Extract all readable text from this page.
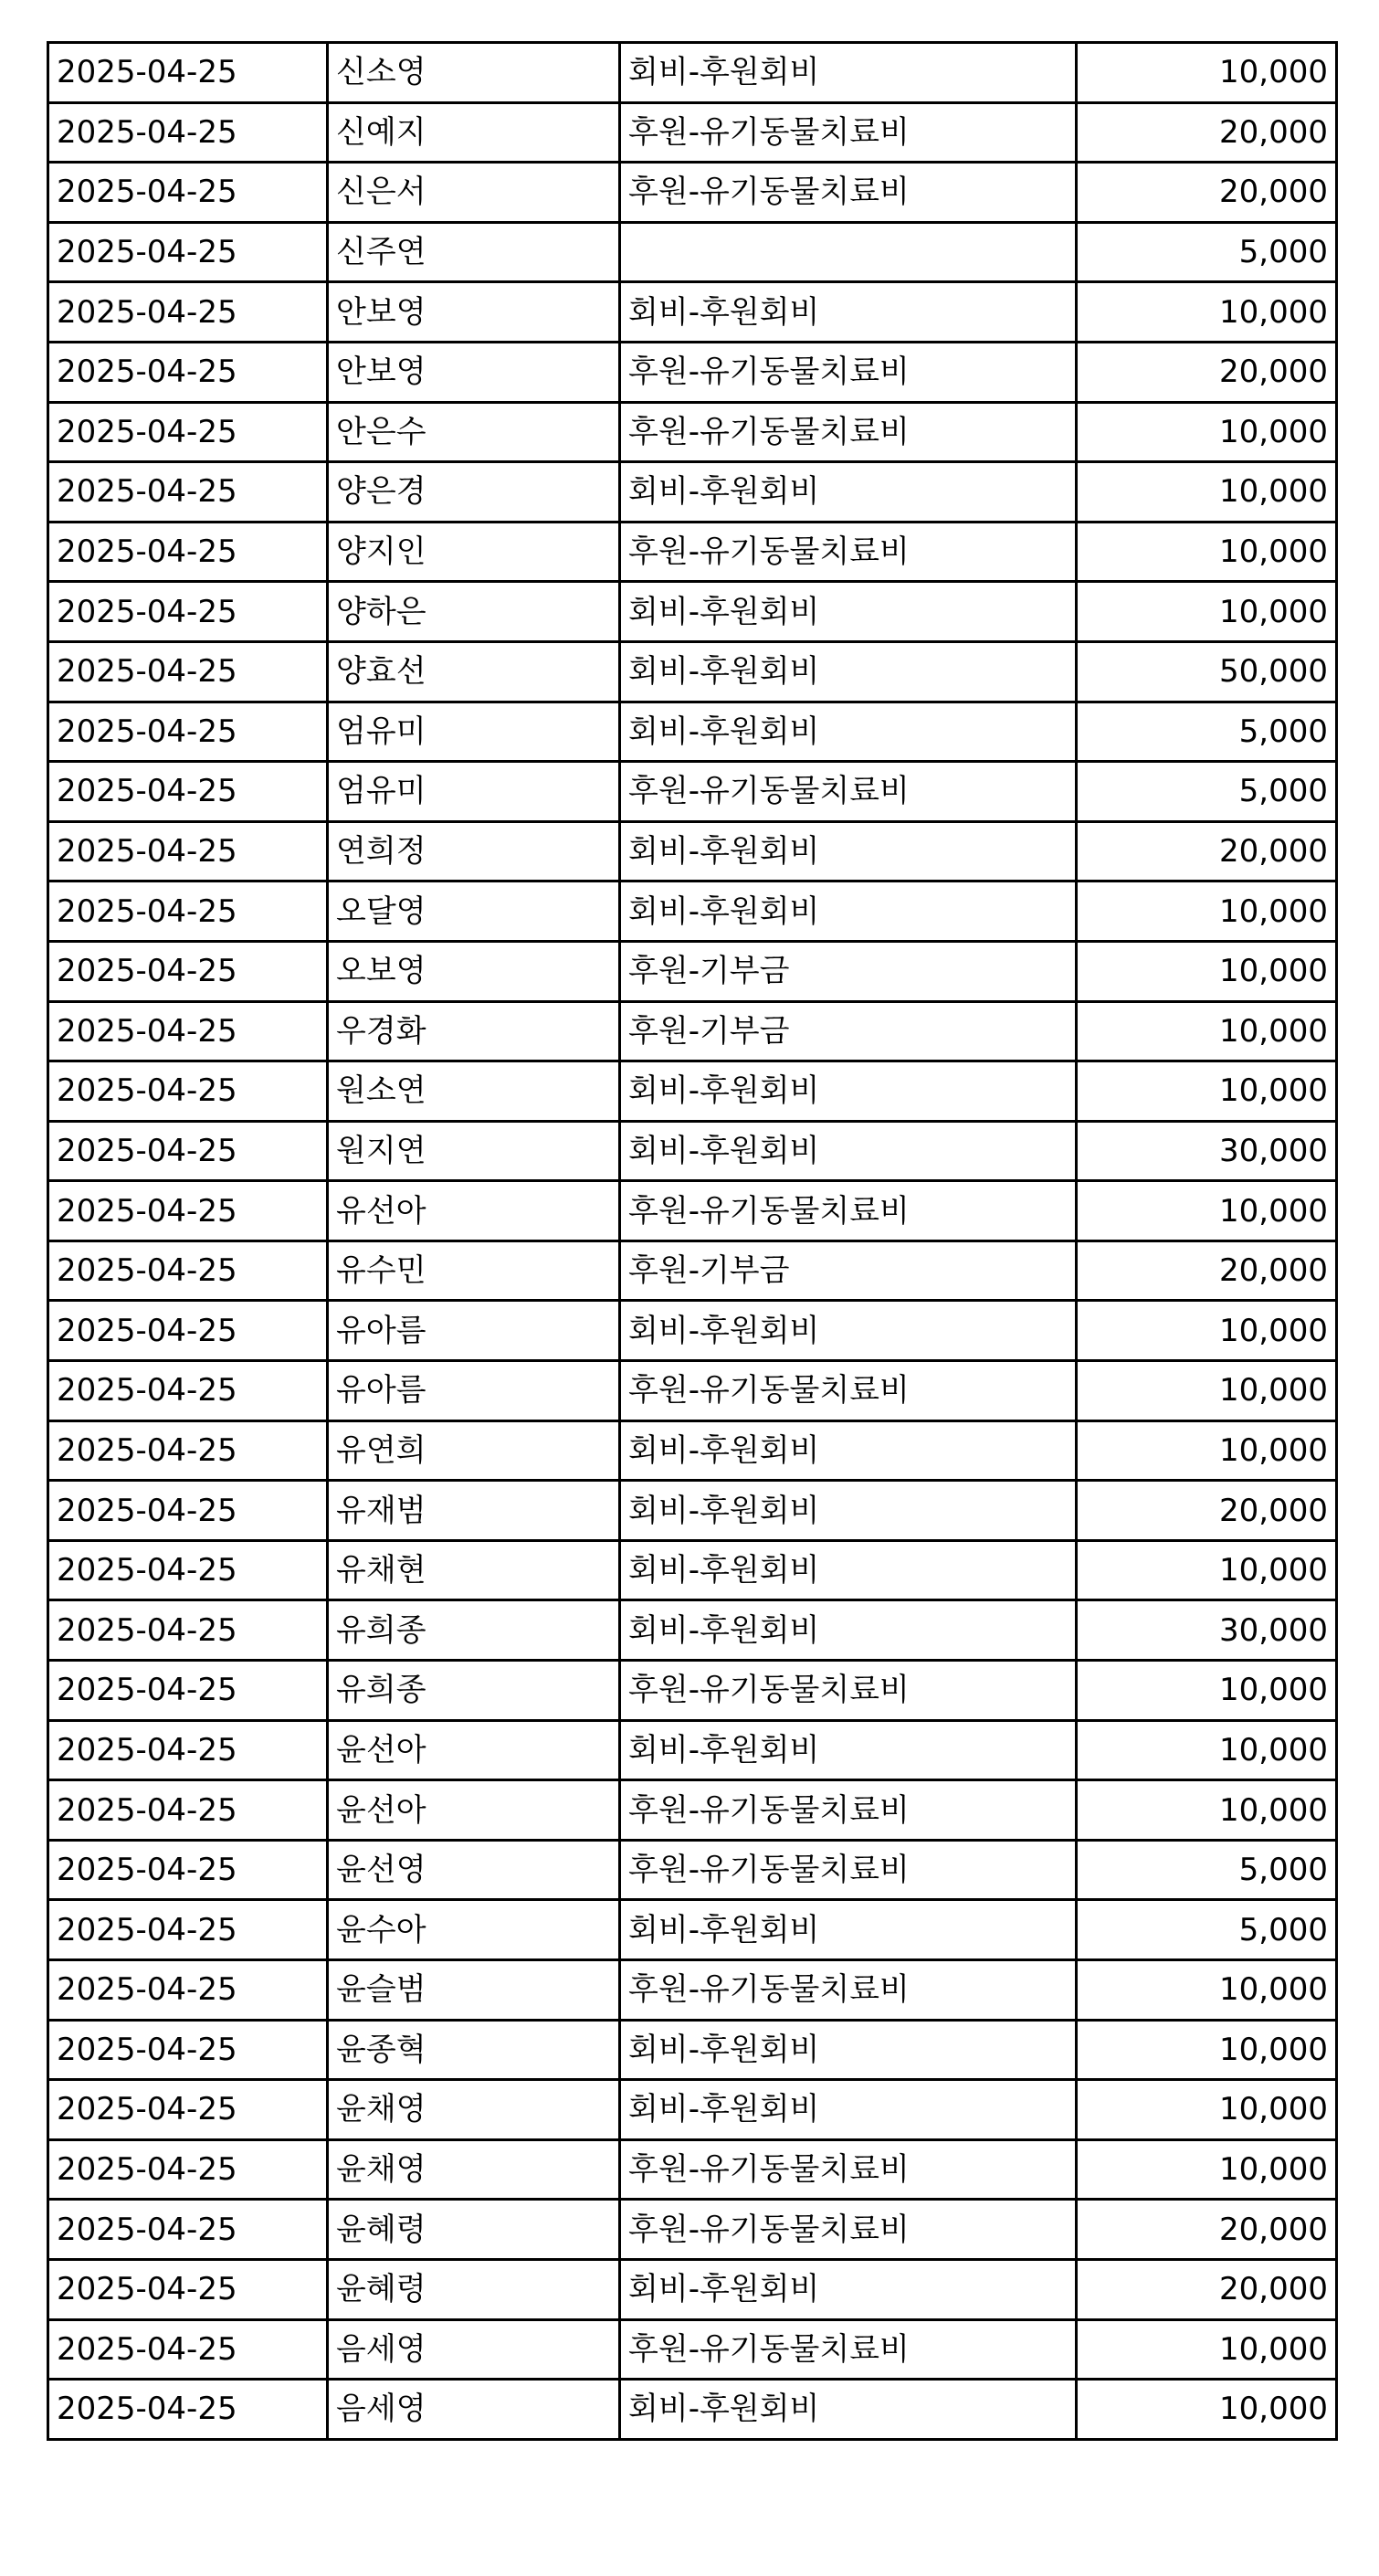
2025-04-25	신소영	회비-후원회비	10,000
2025-04-25	신예지	후원-유기동물치료비	20,000
2025-04-25	신은서	후원-유기동물치료비	20,000
2025-04-25	신주연		5,000
2025-04-25	안보영	회비-후원회비	10,000
2025-04-25	안보영	후원-유기동물치료비	20,000
2025-04-25	안은수	후원-유기동물치료비	10,000
2025-04-25	양은경	회비-후원회비	10,000
2025-04-25	양지인	후원-유기동물치료비	10,000
2025-04-25	양하은	회비-후원회비	10,000
2025-04-25	양효선	회비-후원회비	50,000
2025-04-25	엄유미	회비-후원회비	5,000
2025-04-25	엄유미	후원-유기동물치료비	5,000
2025-04-25	연희정	회비-후원회비	20,000
2025-04-25	오달영	회비-후원회비	10,000
2025-04-25	오보영	후원-기부금	10,000
2025-04-25	우경화	후원-기부금	10,000
2025-04-25	원소연	회비-후원회비	10,000
2025-04-25	원지연	회비-후원회비	30,000
2025-04-25	유선아	후원-유기동물치료비	10,000
2025-04-25	유수민	후원-기부금	20,000
2025-04-25	유아름	회비-후원회비	10,000
2025-04-25	유아름	후원-유기동물치료비	10,000
2025-04-25	유연희	회비-후원회비	10,000
2025-04-25	유재범	회비-후원회비	20,000
2025-04-25	유채현	회비-후원회비	10,000
2025-04-25	유희종	회비-후원회비	30,000
2025-04-25	유희종	후원-유기동물치료비	10,000
2025-04-25	윤선아	회비-후원회비	10,000
2025-04-25	윤선아	후원-유기동물치료비	10,000
2025-04-25	윤선영	후원-유기동물치료비	5,000
2025-04-25	윤수아	회비-후원회비	5,000
2025-04-25	윤슬범	후원-유기동물치료비	10,000
2025-04-25	윤종혁	회비-후원회비	10,000
2025-04-25	윤채영	회비-후원회비	10,000
2025-04-25	윤채영	후원-유기동물치료비	10,000
2025-04-25	윤혜령	후원-유기동물치료비	20,000
2025-04-25	윤혜령	회비-후원회비	20,000
2025-04-25	음세영	후원-유기동물치료비	10,000
2025-04-25	음세영	회비-후원회비	10,000
